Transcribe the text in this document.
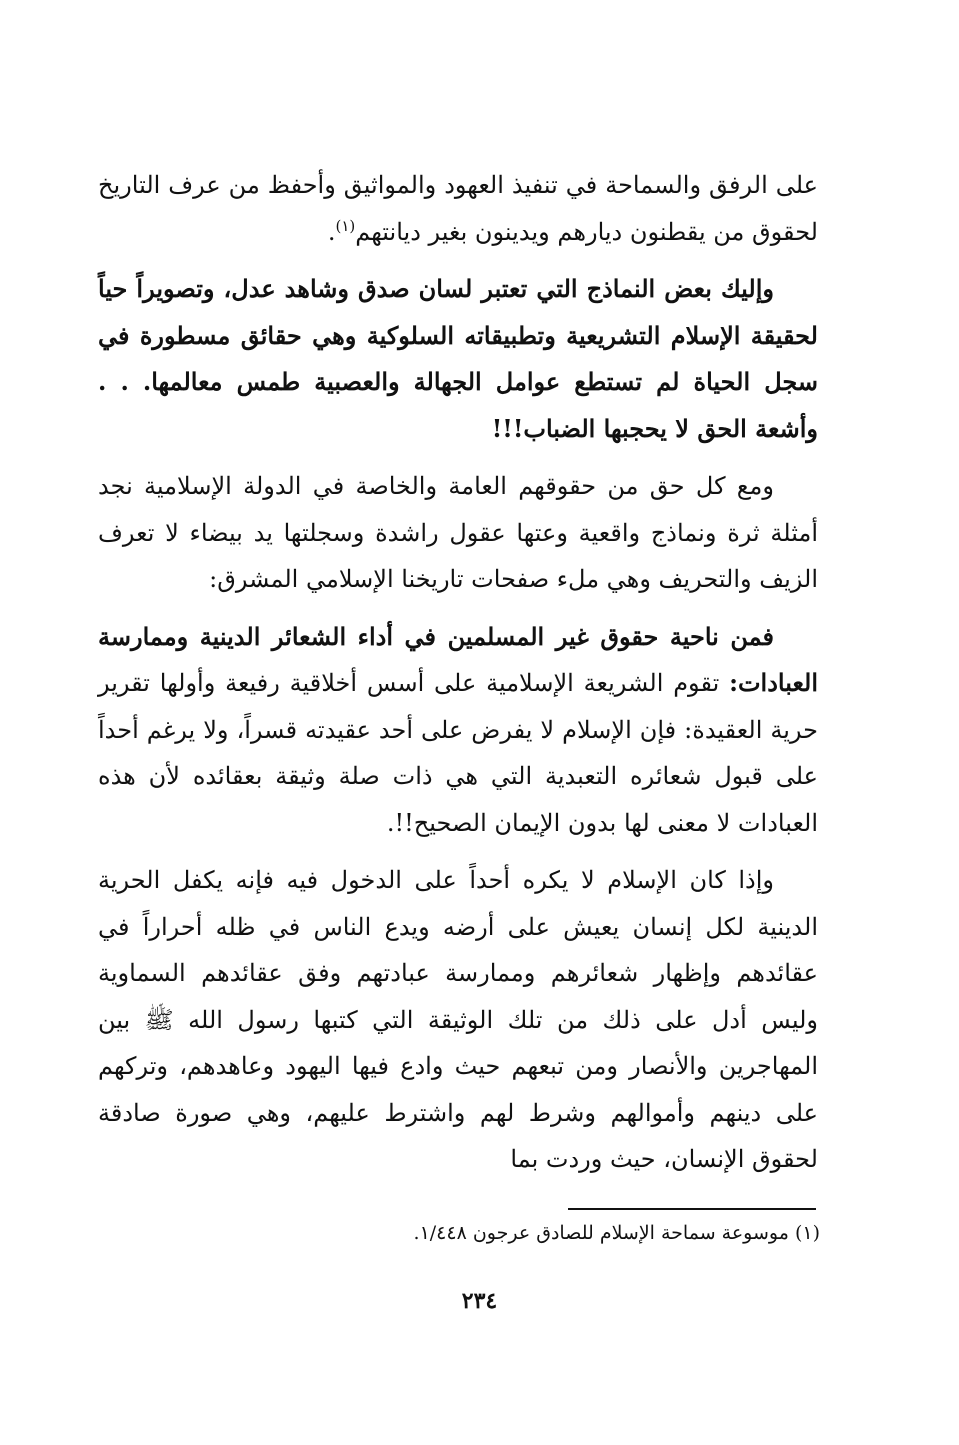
على الرفق والسماحة في تنفيذ العهود والمواثيق وأحفظ من عرف التاريخ لحقوق من يقطنون ديارهم ويدينون بغير ديانتهم$^{(١)}$.

وإليك بعض النماذج التي تعتبر لسان صدق وشاهد عدل، وتصويراً حياً لحقيقة الإسلام التشريعية وتطبيقاته السلوكية وهي حقائق مسطورة في سجل الحياة لم تستطع عوامل الجهالة والعصبية طمس معالمها. . . وأشعة الحق لا يحجبها الضباب!!!

ومع كل حق من حقوقهم العامة والخاصة في الدولة الإسلامية نجد أمثلة ثرة ونماذج واقعية وعتها عقول راشدة وسجلتها يد بيضاء لا تعرف الزيف والتحريف وهي ملء صفحات تاريخنا الإسلامي المشرق:

فمن ناحية حقوق غير المسلمين في أداء الشعائر الدينية وممارسة العبادات: تقوم الشريعة الإسلامية على أسس أخلاقية رفيعة وأولها تقرير حرية العقيدة: فإن الإسلام لا يفرض على أحد عقيدته قسراً، ولا يرغم أحداً على قبول شعائره التعبدية التي هي ذات صلة وثيقة بعقائده لأن هذه العبادات لا معنى لها بدون الإيمان الصحيح!!.

وإذا كان الإسلام لا يكره أحداً على الدخول فيه فإنه يكفل الحرية الدينية لكل إنسان يعيش على أرضه ويدع الناس في ظله أحراراً في عقائدهم وإظهار شعائرهم وممارسة عبادتهم وفق عقائدهم السماوية وليس أدل على ذلك من تلك الوثيقة التي كتبها رسول الله ﷺ بين المهاجرين والأنصار ومن تبعهم حيث وادع فيها اليهود وعاهدهم، وتركهم على دينهم وأموالهم وشرط لهم واشترط عليهم، وهي صورة صادقة لحقوق الإنسان، حيث وردت بما

(١) موسوعة سماحة الإسلام للصادق عرجون ١/٤٤٨.
٢٣٤
